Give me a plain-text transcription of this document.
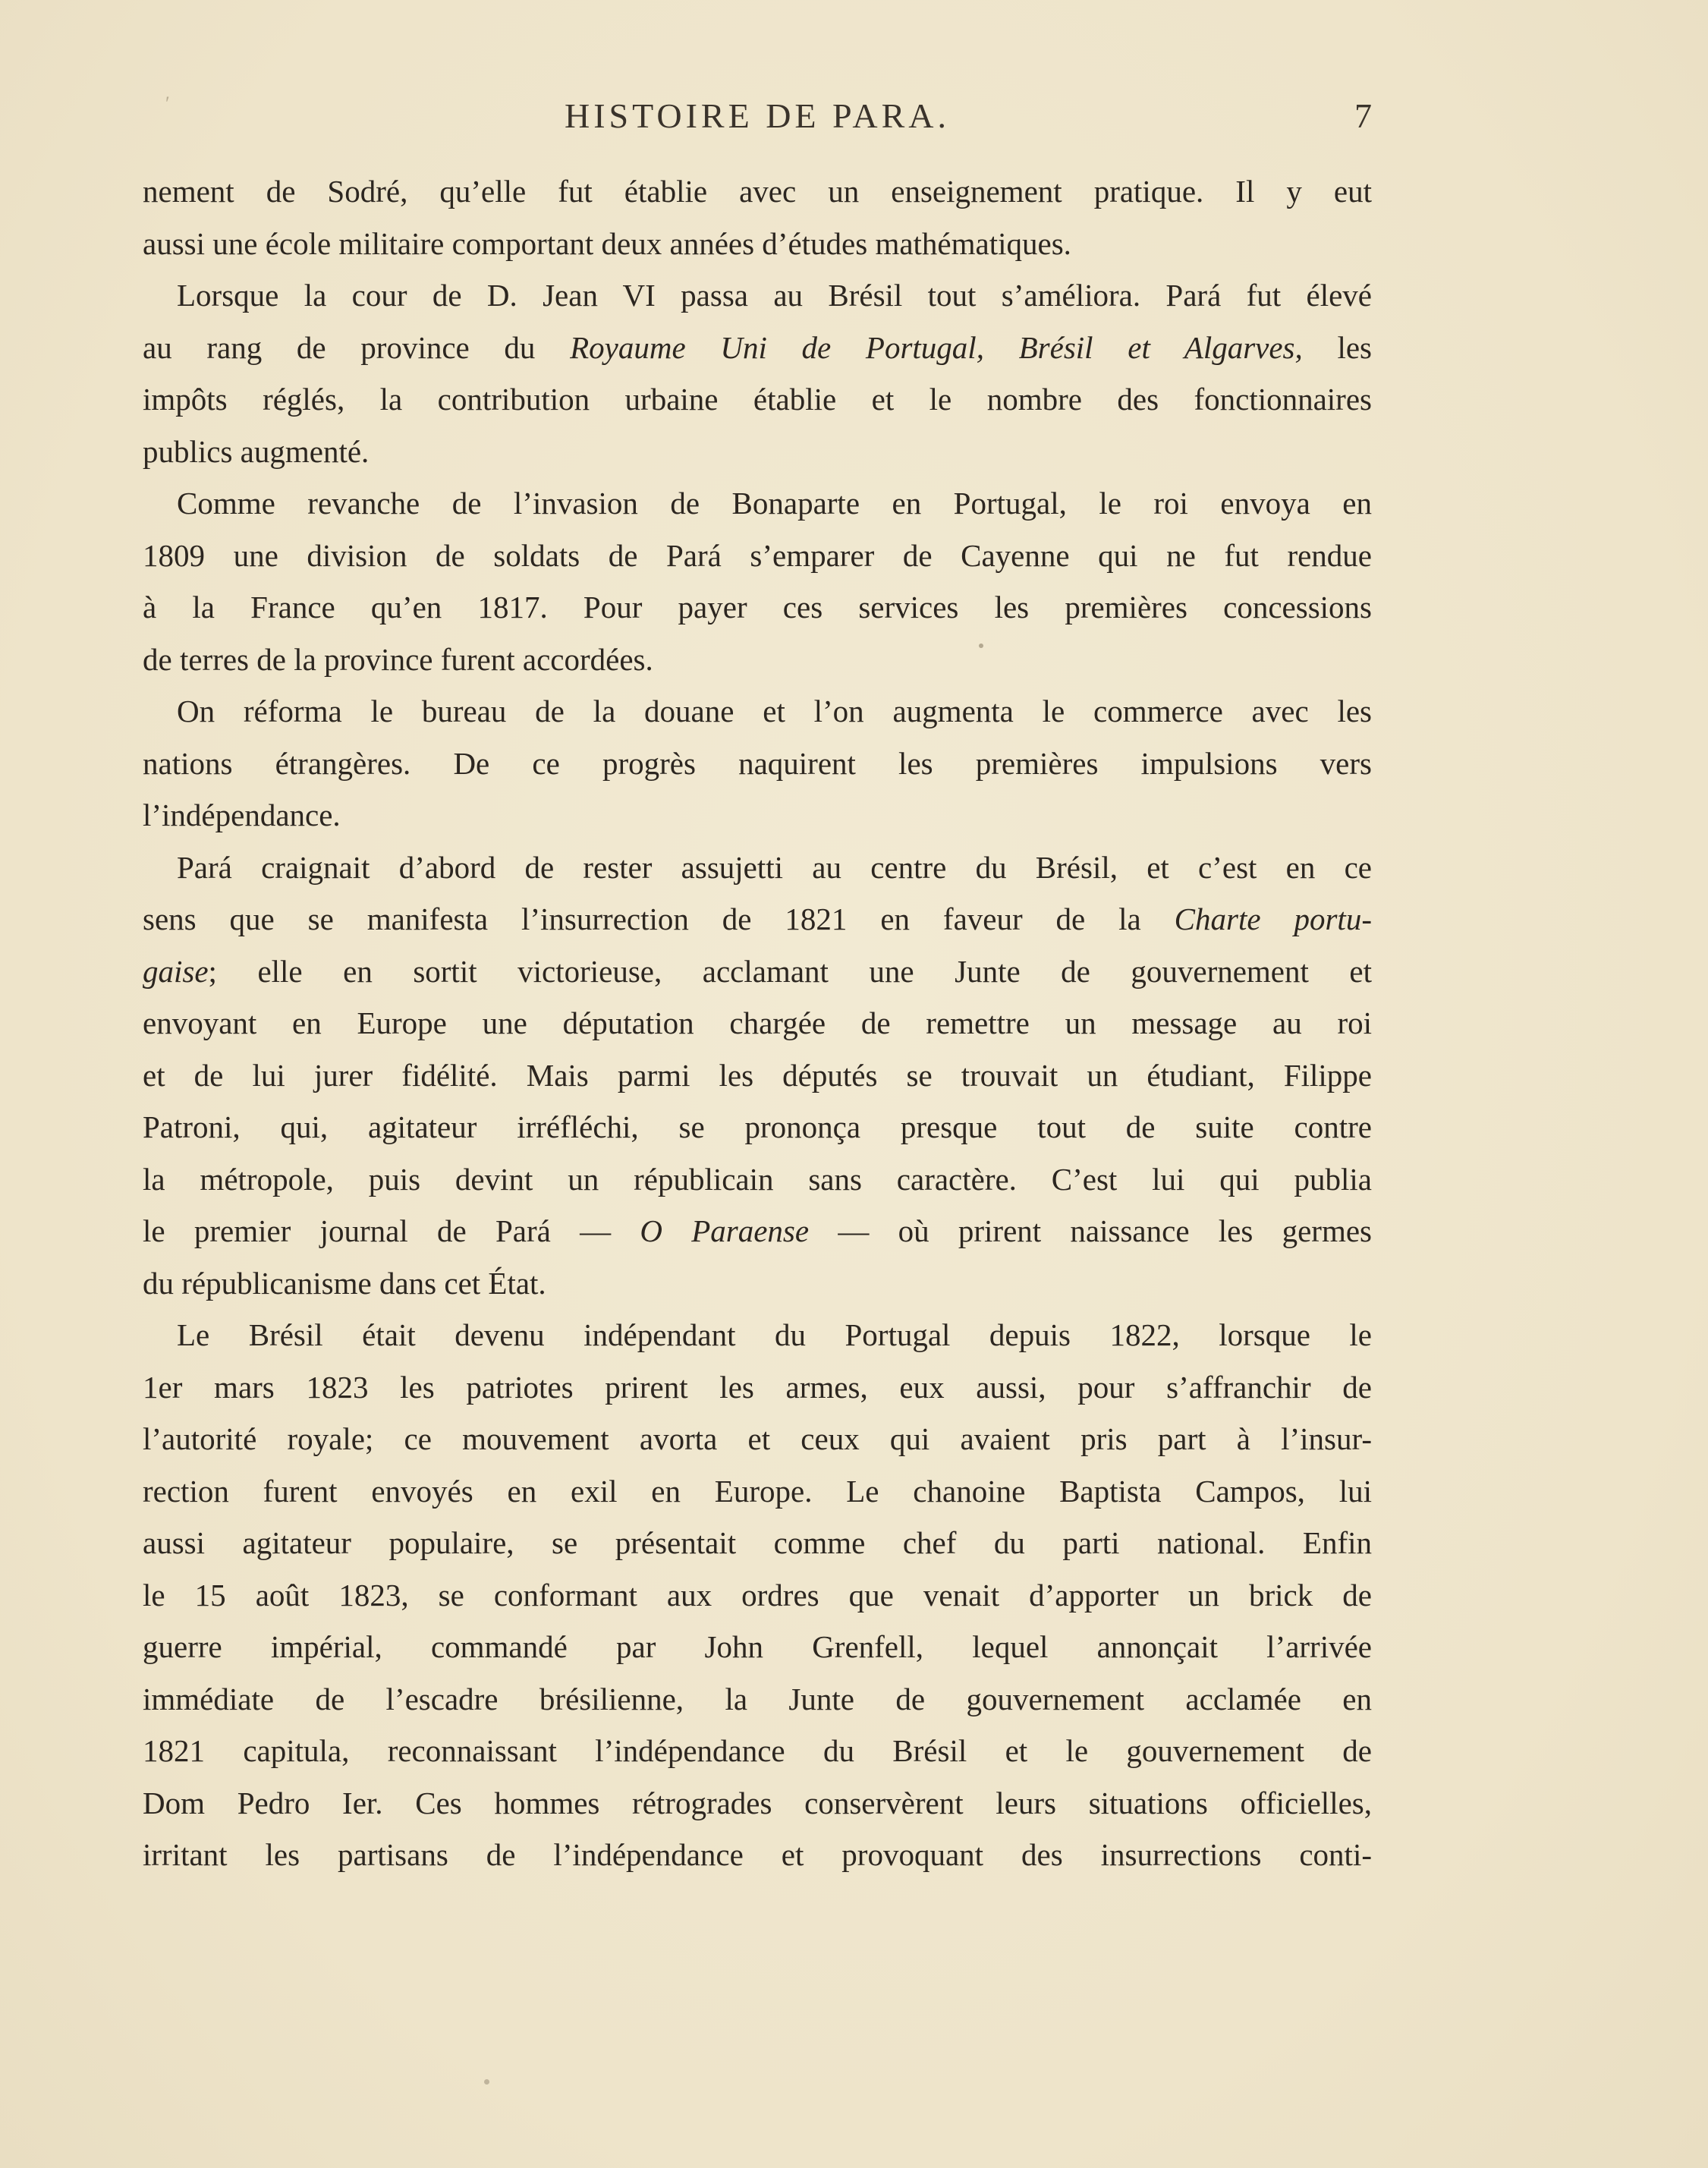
′	HISTOIRE DE PARA.	7
nement de Sodré, qu’elle fut établie avec un enseignement pratique. Il y eut
aussi une école militaire comportant deux années d’études mathématiques.
Lorsque la cour de D. Jean VI passa au Brésil tout s’améliora. Pará fut élevé
au rang de province du Royaume Uni de Portugal, Brésil et Algarves, les
impôts réglés, la contribution urbaine établie et le nombre des fonctionnaires
publics augmenté.
Comme revanche de l’invasion de Bonaparte en Portugal, le roi envoya en
1809 une division de soldats de Pará s’emparer de Cayenne qui ne fut rendue
à la France qu’en 1817. Pour payer ces services les premières concessions
de terres de la province furent accordées.
On réforma le bureau de la douane et l’on augmenta le commerce avec les
nations étrangères. De ce progrès naquirent les premières impulsions vers
l’indépendance.
Pará craignait d’abord de rester assujetti au centre du Brésil, et c’est en ce
sens que se manifesta l’insurrection de 1821 en faveur de la Charte portu-
gaise; elle en sortit victorieuse, acclamant une Junte de gouvernement et
envoyant en Europe une députation chargée de remettre un message au roi
et de lui jurer fidélité. Mais parmi les députés se trouvait un étudiant, Filippe
Patroni, qui, agitateur irréfléchi, se prononça presque tout de suite contre
la métropole, puis devint un républicain sans caractère. C’est lui qui publia
le premier journal de Pará — O Paraense — où prirent naissance les germes
du républicanisme dans cet État.
Le Brésil était devenu indépendant du Portugal depuis 1822, lorsque le
1er mars 1823 les patriotes prirent les armes, eux aussi, pour s’affranchir de
l’autorité royale; ce mouvement avorta et ceux qui avaient pris part à l’insur-
rection furent envoyés en exil en Europe. Le chanoine Baptista Campos, lui
aussi agitateur populaire, se présentait comme chef du parti national. Enfin
le 15 août 1823, se conformant aux ordres que venait d’apporter un brick de
guerre impérial, commandé par John Grenfell, lequel annonçait l’arrivée
immédiate de l’escadre brésilienne, la Junte de gouvernement acclamée en
1821 capitula, reconnaissant l’indépendance du Brésil et le gouvernement de
Dom Pedro Ier. Ces hommes rétrogrades conservèrent leurs situations officielles,
irritant les partisans de l’indépendance et provoquant des insurrections conti-
